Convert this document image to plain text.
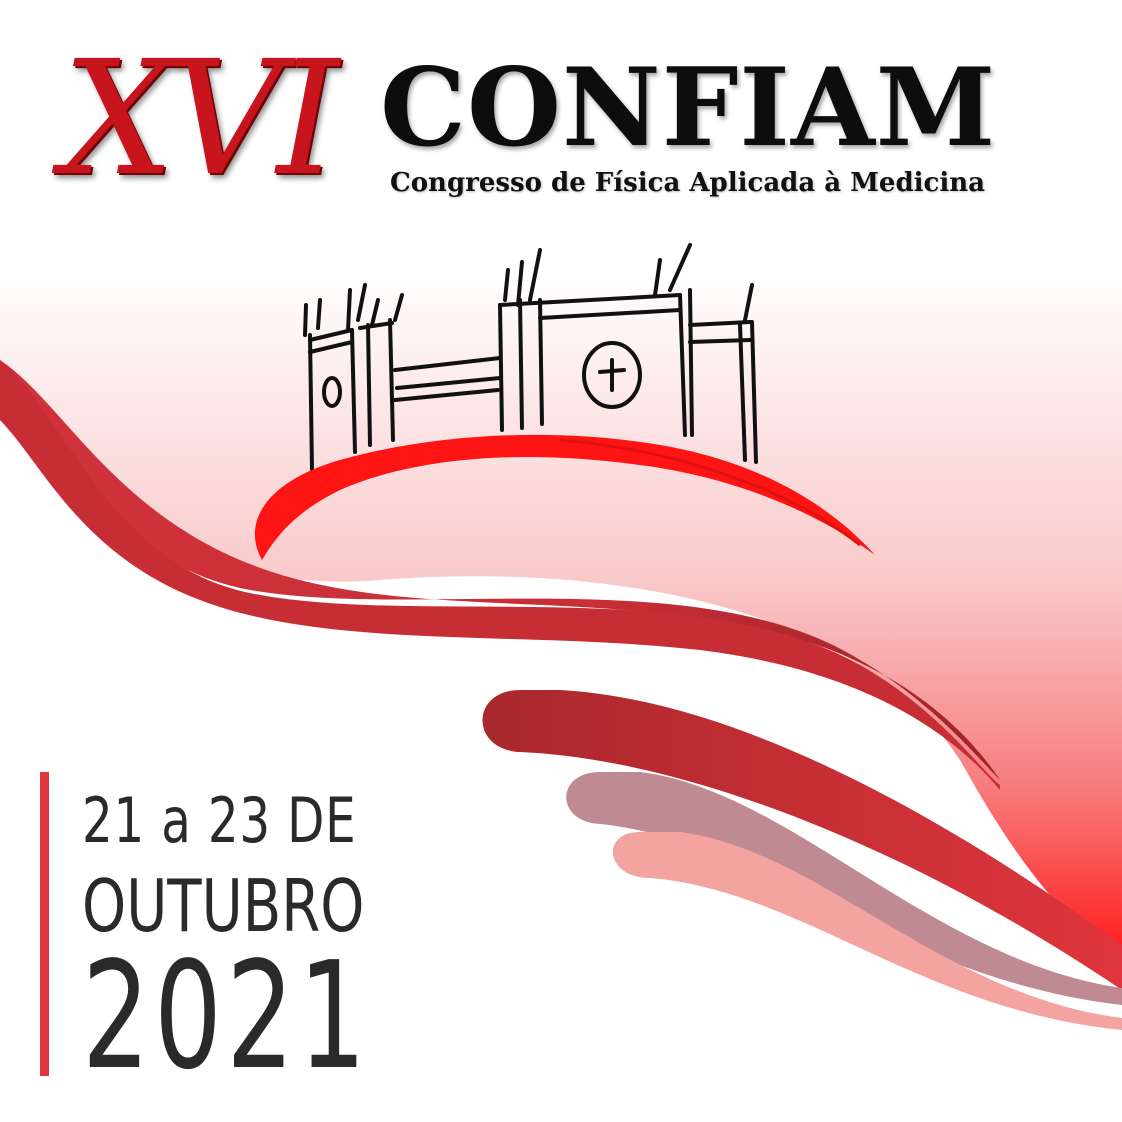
XVI CONFIAM
Congresso de Física Aplicada à Medicina
21 a 23 DE
OUTUBRO
2021
